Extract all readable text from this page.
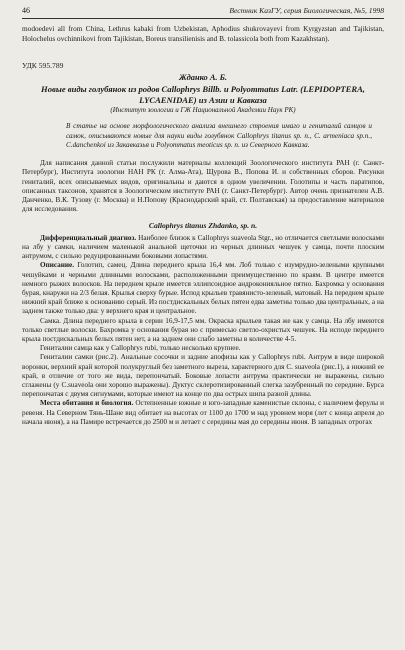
46	Вестник КазГУ, серия Биологическая, №5, 1998

modoedevi all from China, Lethrus kabaki from Uzbekistan, Aphodius shukrovayevi from Kyrgyzstan and Tajikistan, Holochelus ovchinnikovi from Tajikistan, Boreus transilienisis and B. tolassicola both from Kazakhstan).

УДК 595.789

Жданко А. Б.

Новые виды голубянок из родов Callophrys Billb. и Polyommatus Latr. (LEPIDOPTERA, LYCAENIDAE) из Азии и Кавказа

(Институт зоологии и ГЖ Национальной Академии Наук РК)

В статье на основе морфологического анализа внешнего строения имаго и гениталий самцов и самок, описываются новые для науки виды голубянок Callophrys titanus sp. n., C. armeniaca sp.n., C.danchenkoi из Закавказья и Polyommatus meoticus sp. n. из Северного Кавказа.

Для написания данной статьи послужили материалы коллекций Зоологического института РАН (г. Санкт-Петербург), Института зоологии НАН РК (г. Алма-Ата), Щурова В., Попова И. и собственных сборов. Рисунки гениталий, всех описываемых видов, оригинальны и даются в одном увеличении. Голотипы и часть паратипов, описанных таксонов, хранятся в Зоологическом институте РАН (г. Санкт-Петербург). Автор очень признателен А.В. Данченко, В.К. Тузову (г. Москва) и Н.Попову (Краснодарский край, ст. Полтавская) за предоставление материалов для исследования.

Callophrys titanus Zhdanko, sp. n.

Дифференциальный диагноз. Наиболее близок к Callophrys suaveola Stgr., но отличается светлыми волосками на лбу у самки, наличием маленькой анальной щеточки из черных длинных чешуек у самца, почти плоским антрумом, с сильно редуцированными боковыми лопастями.

Описание. Голотип, самец. Длина переднего крыла 16,4 мм. Лоб только с изумрудно-зелеными крупными чешуйками и черными длинными волосками, расположенными преимущественно по краям. В центре имеется немного рыжих волосков. На переднем крыле имеется эллипсоидное андроконияльное пятно. Бахромка у основания бурая, кнаружи на 2/3 белая. Крылья сверху бурые. Испод крыльев травянисто-зеленый, матовый. На переднем крыле нижний край ближе к основанию серый. Из постдискальных белых пятен едва заметны только два центральных, а на заднем также только два: у верхнего края и центральное.

Самка. Длина переднего крыла в серии 16,9-17,5 мм. Окраска крыльев такая же как у самца. На лбу имеются только светлые волоски. Бахромка у основания бурая но с примесью светло-охристых чешуек. На исподе переднего крыла постдискальных белых пятен нет, а на заднем они слабо заметны в количестве 4-5.

Гениталии самца как у Callophrys rubi, только несколько крупнее.

Гениталии самки (рис.2). Анальные сосочки и задние апофизы как у Callophrys rubi. Антрум в виде широкой воронки, верхний край которой полукруглый без заметного выреза, характерного для C. suaveola (рис.1), а нижний ее край, в отличие от того же вида, перепончатый. Боковые лопасти антрума практически не выражены, сильно сглажены (у C.suaveola они хорошо выражены). Дуктус склеротизированный слегка зазубренный по середине. Бурса перепончатая с двумя сигнумами, которые имеют на конце по два острых шипа разной длины.

Места обитания и биология. Остепненные южные и юго-западные каменистые склоны, с наличием ферулы и ревеня. На Северном Тянь-Шане вид обитает на высотах от 1100 до 1700 м над уровнем моря (лет с конца апреля до начала июня), а на Памире встречается до 2500 м и летает с середины мая до середины июня. В западных отрогах
